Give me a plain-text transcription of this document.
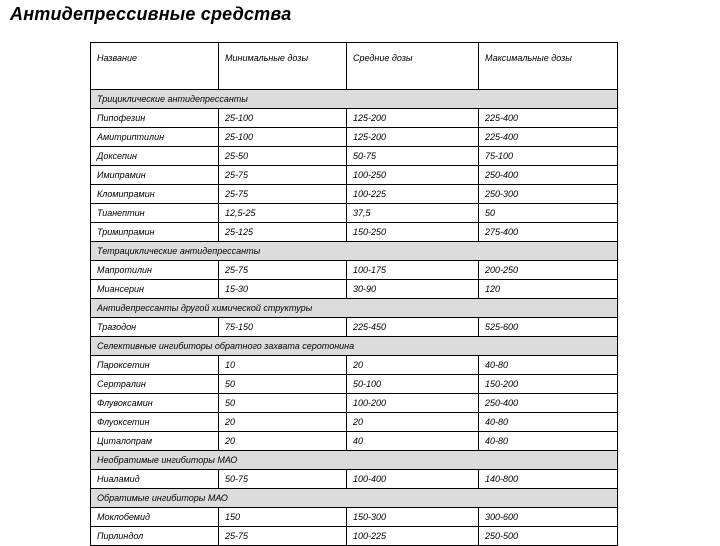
Антидепрессивные средства
Название	Минимальные дозы	Средние дозы	Максимальные дозы
Трициклические антидепрессанты			
Пипофезин	25-100	125-200	225-400
Амитриптилин	25-100	125-200	225-400
Доксепин	25-50	50-75	75-100
Имипрамин	25-75	100-250	250-400
Кломипрамин	25-75	100-225	250-300
Тианептин	12,5-25	37,5	50
Тримипрамин	25-125	150-250	275-400
Тетрациклические антидепрессанты			
Мапротилин	25-75	100-175	200-250
Миансерин	15-30	30-90	120
Антидепрессанты другой химической структуры			
Тразодон	75-150	225-450	525-600
Селективные ингибиторы обратного захвата серотонина			
Пароксетин	10	20	40-80
Сертралин	50	50-100	150-200
Флувоксамин	50	100-200	250-400
Флуоксетин	20	20	40-80
Циталопрам	20	40	40-80
Необратимые ингибиторы МАО			
Ниаламид	50-75	100-400	140-800
Обратимые ингибиторы МАО			
Моклобемид	150	150-300	300-600
Пирлиндол	25-75	100-225	250-500
